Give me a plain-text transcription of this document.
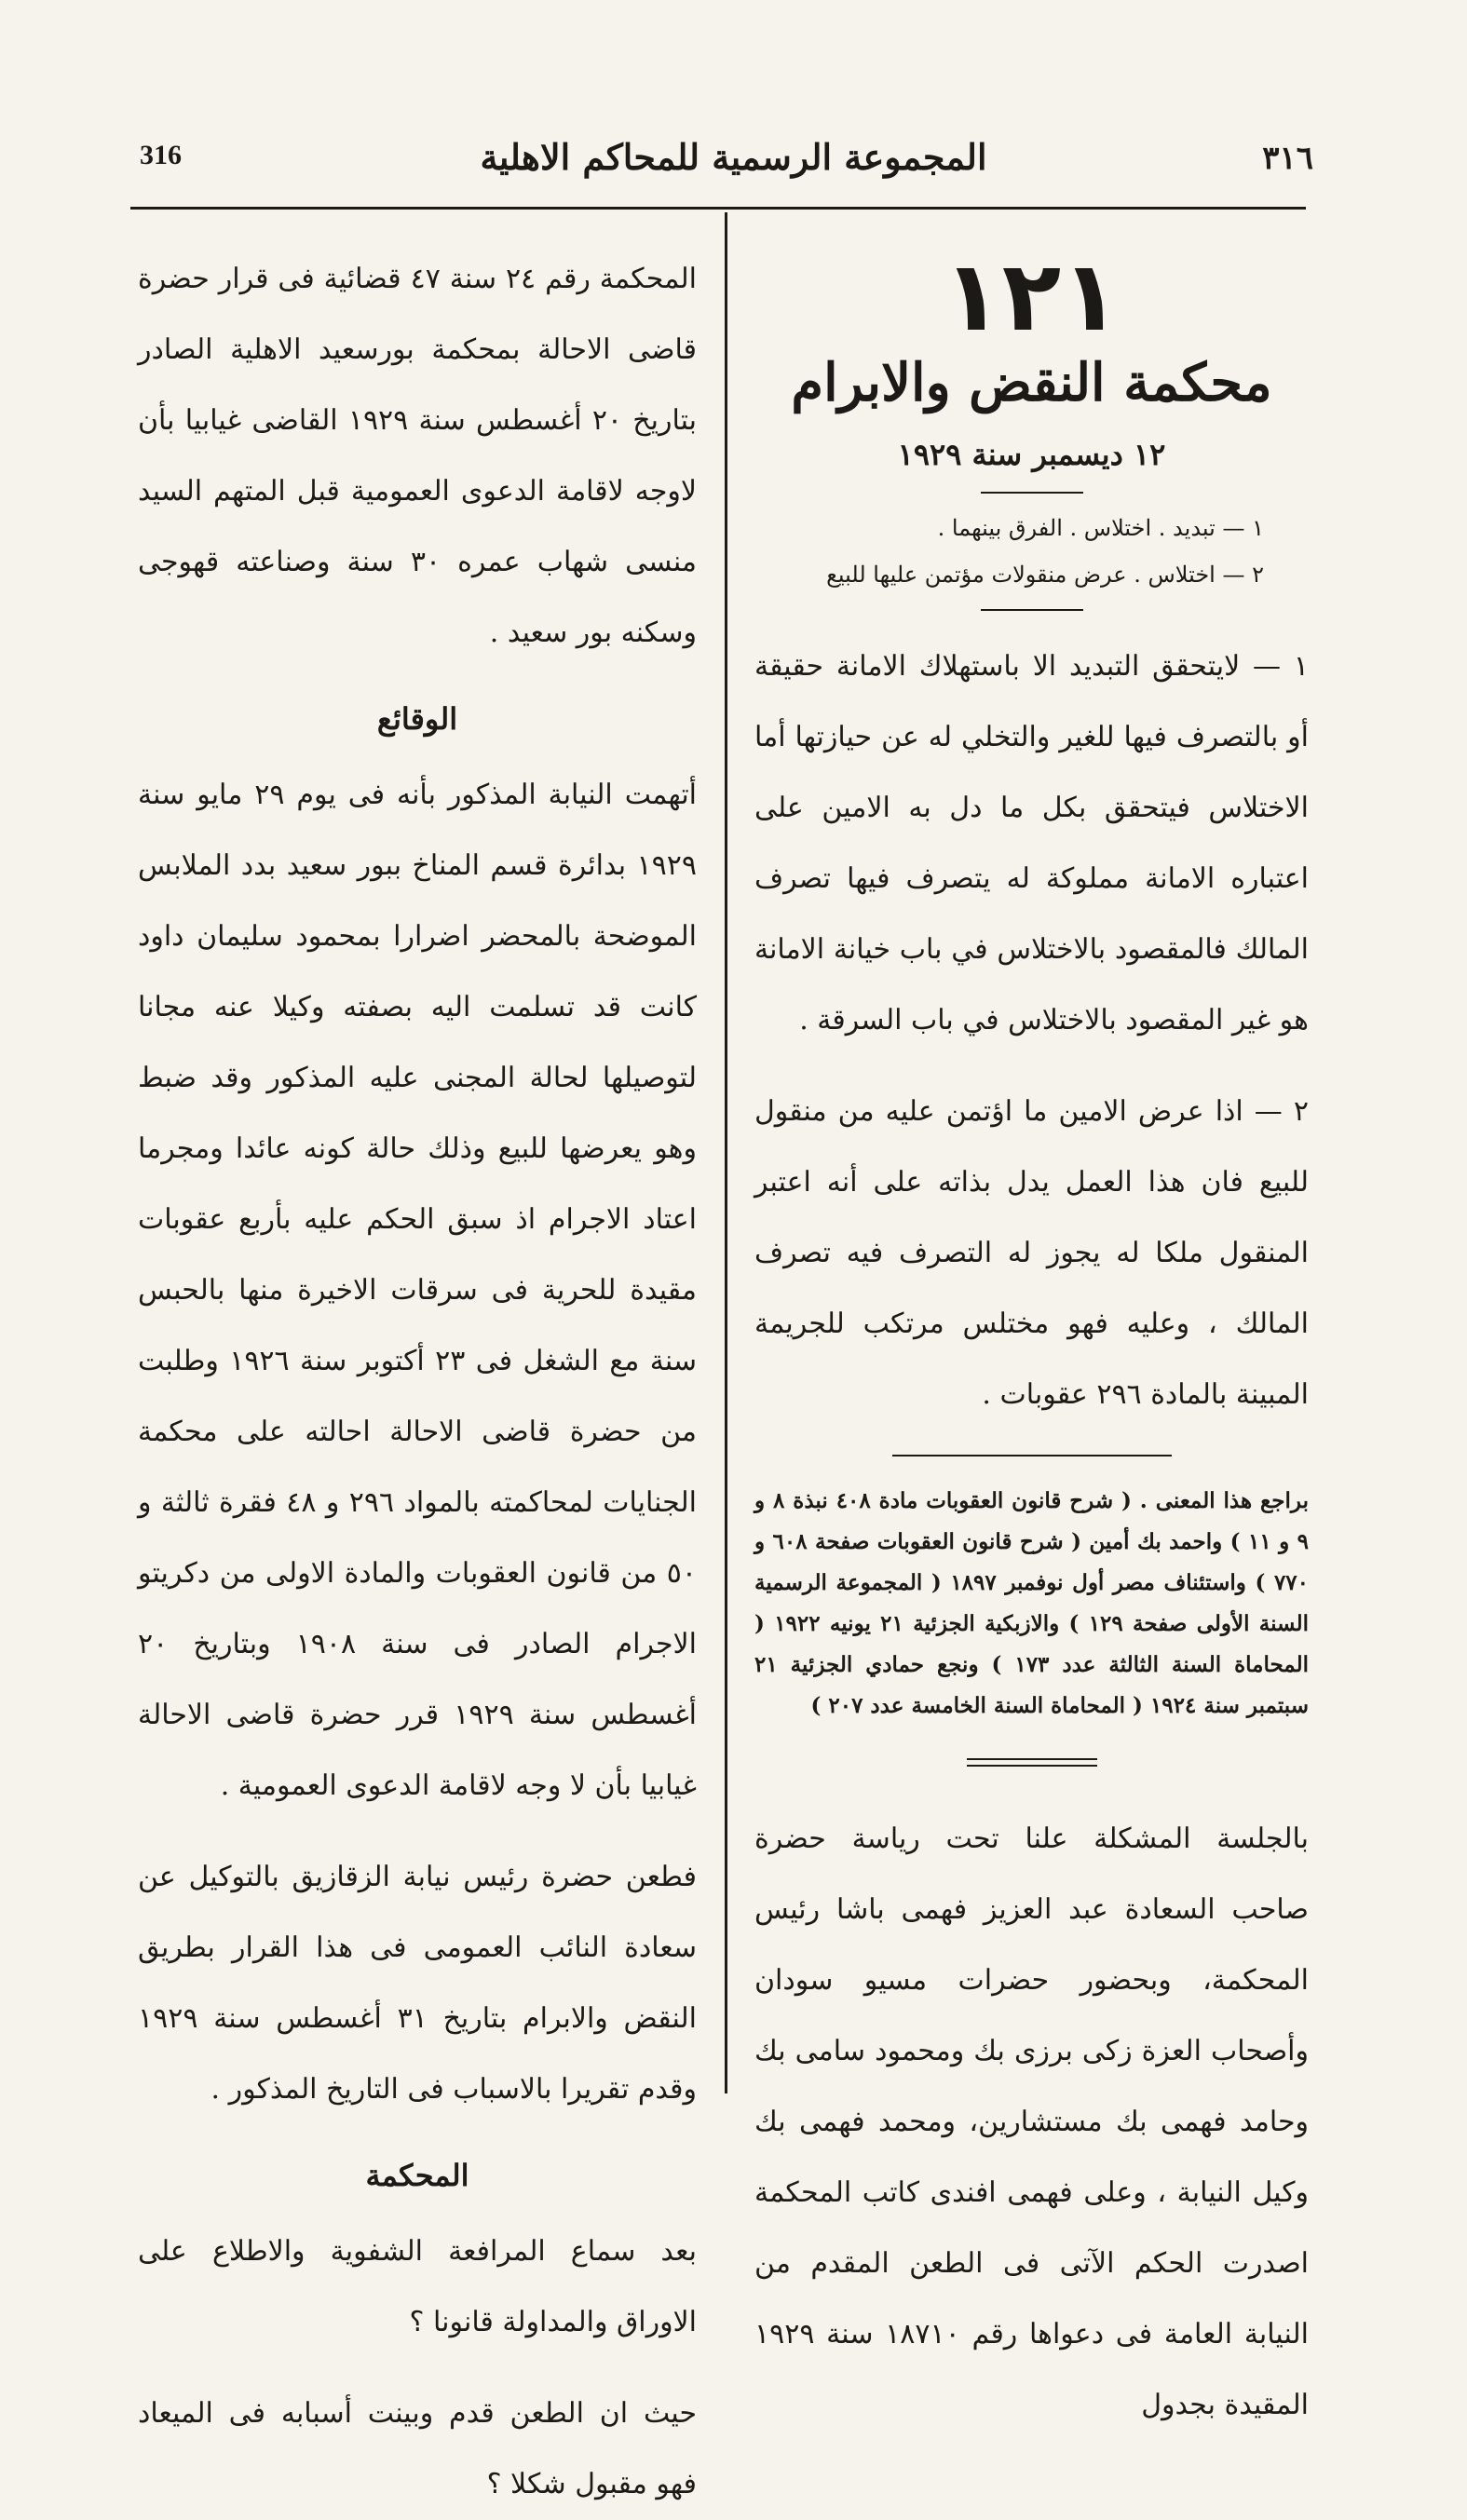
316	المجموعة الرسمية للمحاكم الاهلية	٣١٦
١٢١
محكمة النقض والابرام
١٢ ديسمبر سنة ١٩٢٩

١ — تبديد . اختلاس . الفرق بينهما .

٢ — اختلاس . عرض منقولات مؤتمن عليها للبيع

١ — لايتحقق التبديد الا باستهلاك الامانة حقيقة أو بالتصرف فيها للغير والتخلي له عن حيازتها أما الاختلاس فيتحقق بكل ما دل به الامين على اعتباره الامانة مملوكة له يتصرف فيها تصرف المالك فالمقصود بالاختلاس في باب خيانة الامانة هو غير المقصود بالاختلاس في باب السرقة .

٢ — اذا عرض الامين ما اؤتمن عليه من منقول للبيع فان هذا العمل يدل بذاته على أنه اعتبر المنقول ملكا له يجوز له التصرف فيه تصرف المالك ، وعليه فهو مختلس مرتكب للجريمة المبينة بالمادة ٢٩٦ عقوبات .

براجع هذا المعنى . ( شرح قانون العقوبات مادة ٤٠٨ نبذة ٨ و ٩ و ١١ ) واحمد بك أمين ( شرح قانون العقوبات صفحة ٦٠٨ و ٧٧٠ ) واستئناف مصر أول نوفمبر ١٨٩٧ ( المجموعة الرسمية السنة الأولى صفحة ١٢٩ ) والازبكية الجزئية ٢١ يونيه ١٩٢٢ ( المحاماة السنة الثالثة عدد ١٧٣ ) ونجع حمادي الجزئية ٢١ سبتمبر سنة ١٩٢٤ ( المحاماة السنة الخامسة عدد ٢٠٧ )

بالجلسة المشكلة علنا تحت رياسة حضرة صاحب السعادة عبد العزيز فهمى باشا رئيس المحكمة، وبحضور حضرات مسيو سودان وأصحاب العزة زكى برزى بك ومحمود سامى بك وحامد فهمى بك مستشارين، ومحمد فهمى بك وكيل النيابة ، وعلى فهمى افندى كاتب المحكمة اصدرت الحكم الآتى فى الطعن المقدم من النيابة العامة فى دعواها رقم ١٨٧١٠ سنة ١٩٢٩ المقيدة بجدول

المحكمة رقم ٢٤ سنة ٤٧ قضائية فى قرار حضرة قاضى الاحالة بمحكمة بورسعيد الاهلية الصادر بتاريخ ٢٠ أغسطس سنة ١٩٢٩ القاضى غيابيا بأن لاوجه لاقامة الدعوى العمومية قبل المتهم السيد منسى شهاب عمره ٣٠ سنة وصناعته قهوجى وسكنه بور سعيد .

الوقائع

أتهمت النيابة المذكور بأنه فى يوم ٢٩ مايو سنة ١٩٢٩ بدائرة قسم المناخ ببور سعيد بدد الملابس الموضحة بالمحضر اضرارا بمحمود سليمان داود كانت قد تسلمت اليه بصفته وكيلا عنه مجانا لتوصيلها لحالة المجنى عليه المذكور وقد ضبط وهو يعرضها للبيع وذلك حالة كونه عائدا ومجرما اعتاد الاجرام اذ سبق الحكم عليه بأربع عقوبات مقيدة للحرية فى سرقات الاخيرة منها بالحبس سنة مع الشغل فى ٢٣ أكتوبر سنة ١٩٢٦ وطلبت من حضرة قاضى الاحالة احالته على محكمة الجنايات لمحاكمته بالمواد ٢٩٦ و ٤٨ فقرة ثالثة و ٥٠ من قانون العقوبات والمادة الاولى من دكريتو الاجرام الصادر فى سنة ١٩٠٨ وبتاريخ ٢٠ أغسطس سنة ١٩٢٩ قرر حضرة قاضى الاحالة غيابيا بأن لا وجه لاقامة الدعوى العمومية .

فطعن حضرة رئيس نيابة الزقازيق بالتوكيل عن سعادة النائب العمومى فى هذا القرار بطريق النقض والابرام بتاريخ ٣١ أغسطس سنة ١٩٢٩ وقدم تقريرا بالاسباب فى التاريخ المذكور .

المحكمة

بعد سماع المرافعة الشفوية والاطلاع على الاوراق والمداولة قانونا ؟

حيث ان الطعن قدم وبينت أسبابه فى الميعاد فهو مقبول شكلا ؟
